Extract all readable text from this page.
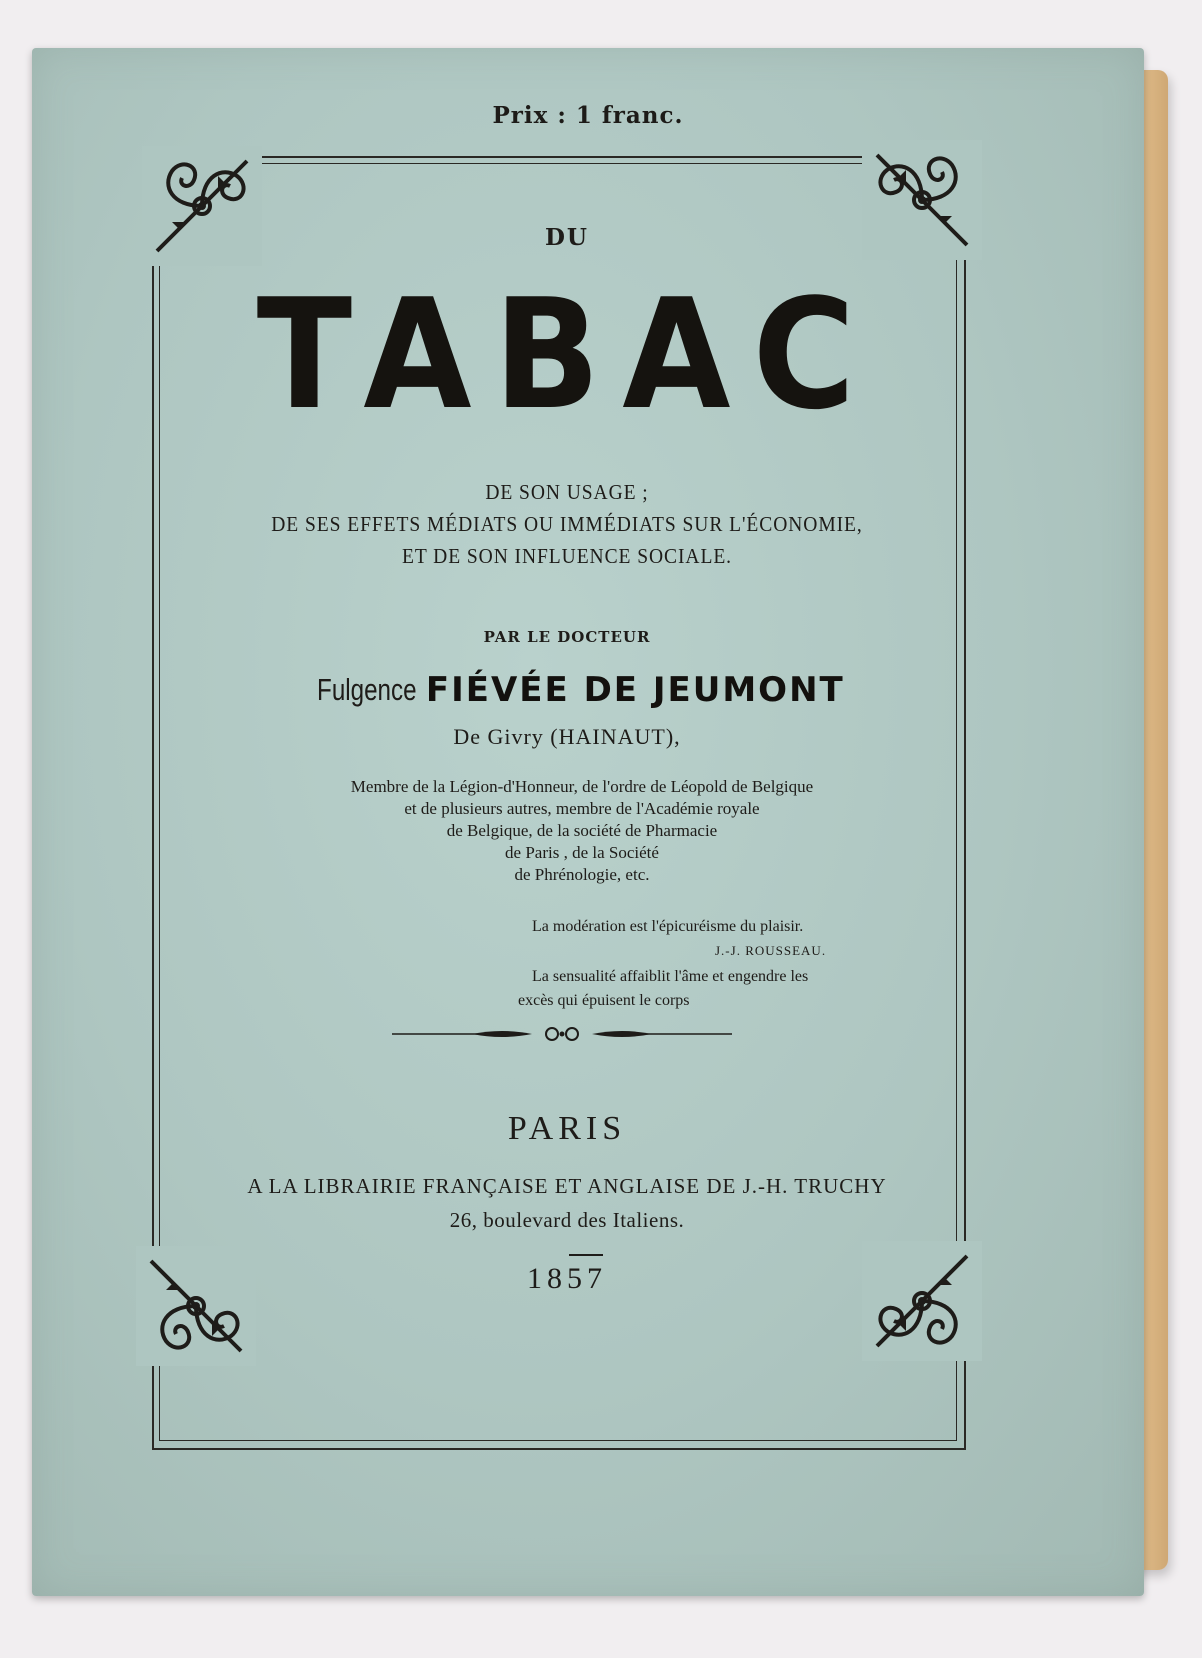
Prix : 1 franc.
DU
TABAC
DE SON USAGE ;
DE SES EFFETS MÉDIATS OU IMMÉDIATS SUR L'ÉCONOMIE,
ET DE SON INFLUENCE SOCIALE.
PAR LE DOCTEUR
Fulgence FIÉVÉE DE JEUMONT
De Givry (HAINAUT),
Membre de la Légion-d'Honneur, de l'ordre de Léopold de Belgique
et de plusieurs autres, membre de l'Académie royale
de Belgique, de la société de Pharmacie
de Paris , de la Société
de Phrénologie, etc.
La modération est l'épicuréisme du plaisir.
J.-J. ROUSSEAU.
La sensualité affaiblit l'âme et engendre les
excès qui épuisent le corps
PARIS
A LA LIBRAIRIE FRANÇAISE ET ANGLAISE DE J.-H. TRUCHY
26, boulevard des Italiens.
1857
